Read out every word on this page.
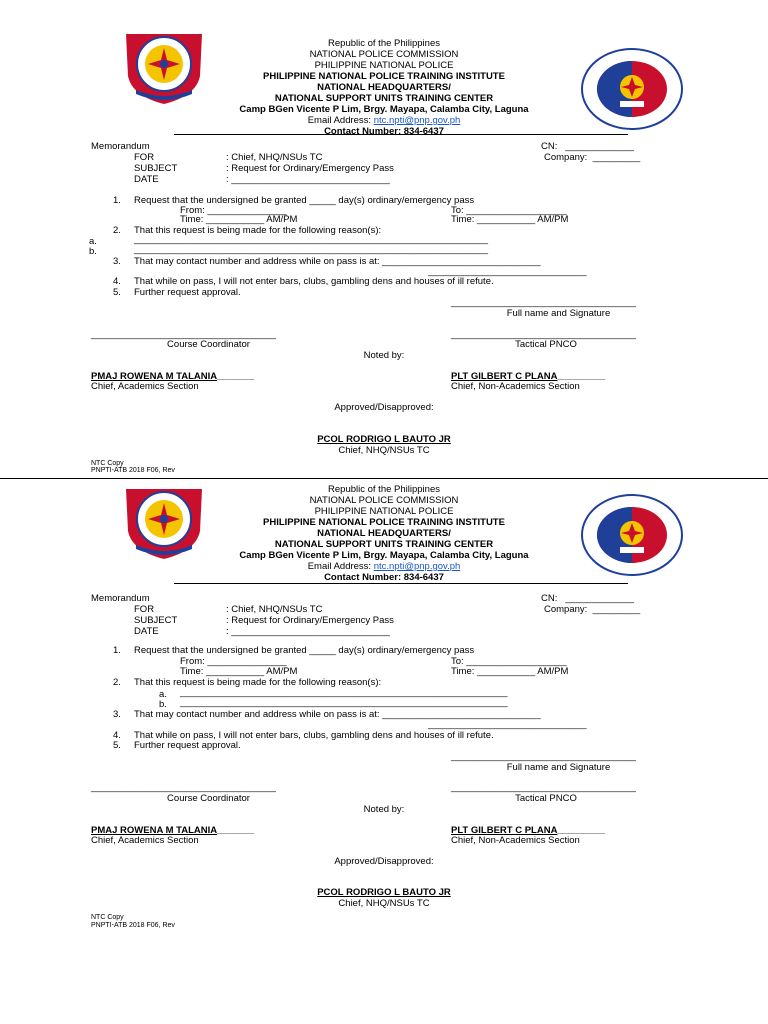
Republic of the Philippines
NATIONAL POLICE COMMISSION
PHILIPPINE NATIONAL POLICE
PHILIPPINE NATIONAL POLICE TRAINING INSTITUTE
NATIONAL HEADQUARTERS/
NATIONAL SUPPORT UNITS TRAINING CENTER
Camp BGen Vicente P Lim, Brgy. Mayapa, Calamba City, Laguna
Email Address: ntc.npti@pnp.gov.ph
Contact Number: 834-6437
Memorandum	CN:   _____________
FOR	: Chief, NHQ/NSUs TC	Company:  _________
SUBJECT	: Request for Ordinary/Emergency Pass
DATE	: ______________________________
1. Request that the undersigned be granted _____ day(s) ordinary/emergency pass
From: _______________	To: ___________________
Time: ___________ AM/PM	Time: ___________ AM/PM
2. That this request is being made for the following reason(s):
a.	___________________________________________________________________
b.	___________________________________________________________________
3. That may contact number and address while on pass is at: ______________________________
______________________________
4. That while on pass, I will not enter bars, clubs, gambling dens and houses of ill refute.
5. Further request approval.
___________________________________
Full name and Signature
___________________________________	___________________________________
Course Coordinator	Tactical PNCO
Noted by:
PMAJ ROWENA M TALANIA_______	PLT GILBERT C PLANA_________
Chief, Academics Section	Chief, Non-Academics Section
Approved/Disapproved:
PCOL RODRIGO L BAUTO JR
Chief, NHQ/NSUs TC
NTC Copy
PNPTI-ATB 2018 F06, Rev
Republic of the Philippines
NATIONAL POLICE COMMISSION
PHILIPPINE NATIONAL POLICE
PHILIPPINE NATIONAL POLICE TRAINING INSTITUTE
NATIONAL HEADQUARTERS/
NATIONAL SUPPORT UNITS TRAINING CENTER
Camp BGen Vicente P Lim, Brgy. Mayapa, Calamba City, Laguna
Email Address: ntc.npti@pnp.gov.ph
Contact Number: 834-6437
Memorandum	CN:   _____________
FOR	: Chief, NHQ/NSUs TC	Company:  _________
SUBJECT	: Request for Ordinary/Emergency Pass
DATE	: ______________________________
1. Request that the undersigned be granted _____ day(s) ordinary/emergency pass
From: _______________	To: ___________________
Time: ___________ AM/PM	Time: ___________ AM/PM
2. That this request is being made for the following reason(s):
a. ______________________________________________________________
b. ______________________________________________________________
3. That may contact number and address while on pass is at: ______________________________
______________________________
4. That while on pass, I will not enter bars, clubs, gambling dens and houses of ill refute.
5. Further request approval.
___________________________________
Full name and Signature
___________________________________	___________________________________
Course Coordinator	Tactical PNCO
Noted by:
PMAJ ROWENA M TALANIA_______	PLT GILBERT C PLANA_________
Chief, Academics Section	Chief, Non-Academics Section
Approved/Disapproved:
PCOL RODRIGO L BAUTO JR
Chief, NHQ/NSUs TC
NTC Copy
PNPTI-ATB 2018 F06, Rev
